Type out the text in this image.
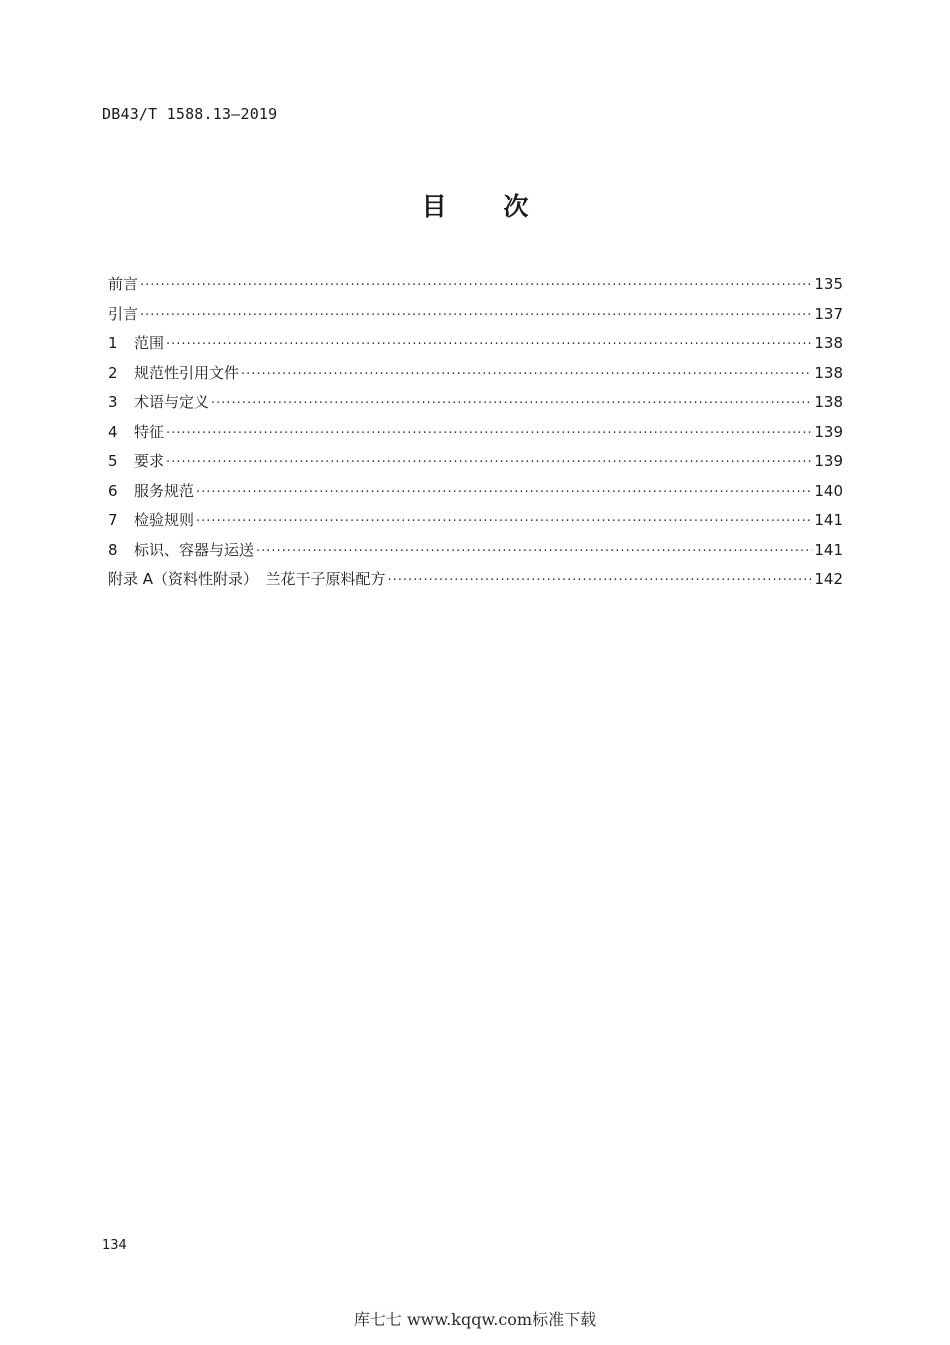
DB43/T 1588.13—2019
目 次
前言 ·····	135
引言 ·····	137
1	范围 ·····	138
2	规范性引用文件 ·····	138
3	术语与定义 ·····	138
4	特征 ·····	139
5	要求 ·····	139
6	服务规范 ·····	140
7	检验规则 ·····	141
8	标识、容器与运送 ·····	141
附录 A（资料性附录）　兰花干子原料配方 ·····	142
134
库七七 www.kqqw.com标准下载
